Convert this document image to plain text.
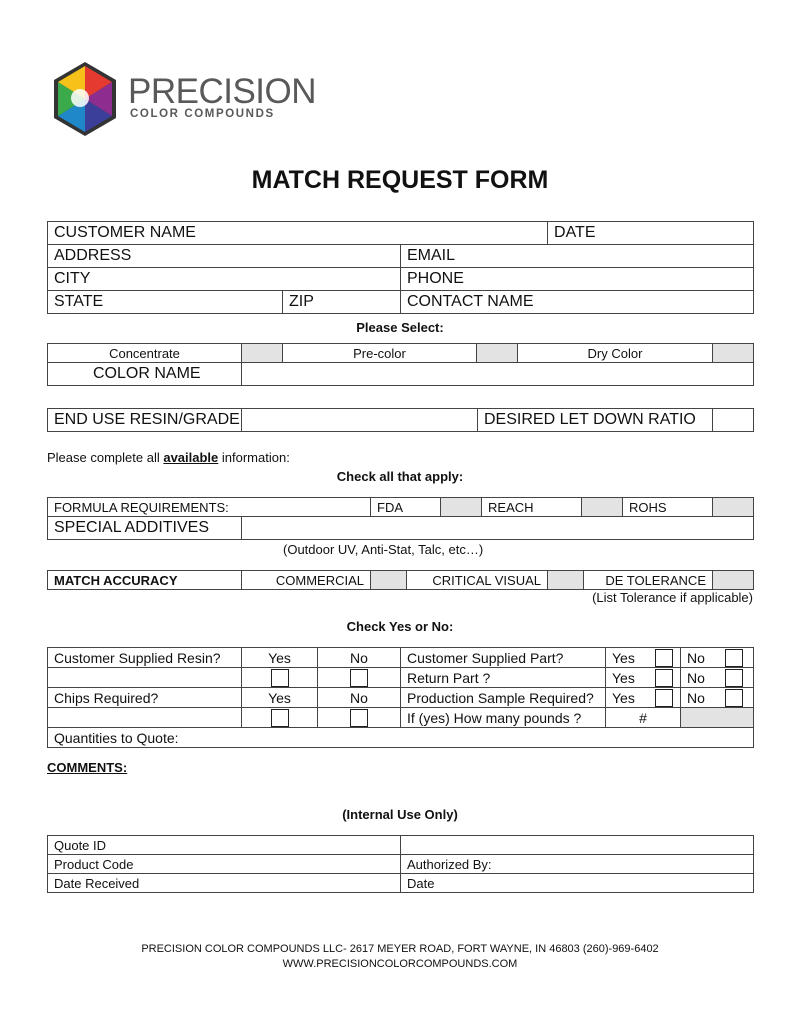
PRECISION
COLOR COMPOUNDS
MATCH REQUEST FORM
CUSTOMER NAME			DATE
ADDRESS		EMAIL	
CITY		PHONE	
STATE	ZIP	CONTACT NAME	
Please Select:
Concentrate		Pre-color		Dry Color	
COLOR NAME					
END USE RESIN/GRADE		DESIRED LET DOWN RATIO	
Please complete all available information:
Check all that apply:
FORMULA REQUIREMENTS:		FDA		REACH		ROHS	
SPECIAL ADDITIVES							
(Outdoor UV, Anti-Stat, Talc, etc…)
MATCH ACCURACY	COMMERCIAL		CRITICAL VISUAL		DE TOLERANCE	
(List Tolerance if applicable)
Check Yes or No:
Customer Supplied Resin?	Yes	No	Customer Supplied Part?	Yes		No	
			Return Part ?	Yes		No	
Chips Required?	Yes	No	Production Sample Required?	Yes		No	
			If (yes) How many pounds ?	#			
Quantities to Quote:							
COMMENTS:
(Internal Use Only)
Quote ID	
Product Code	Authorized By:
Date Received	Date
PRECISION COLOR COMPOUNDS LLC- 2617 MEYER ROAD, FORT WAYNE, IN 46803 (260)-969-6402
WWW.PRECISIONCOLORCOMPOUNDS.COM
